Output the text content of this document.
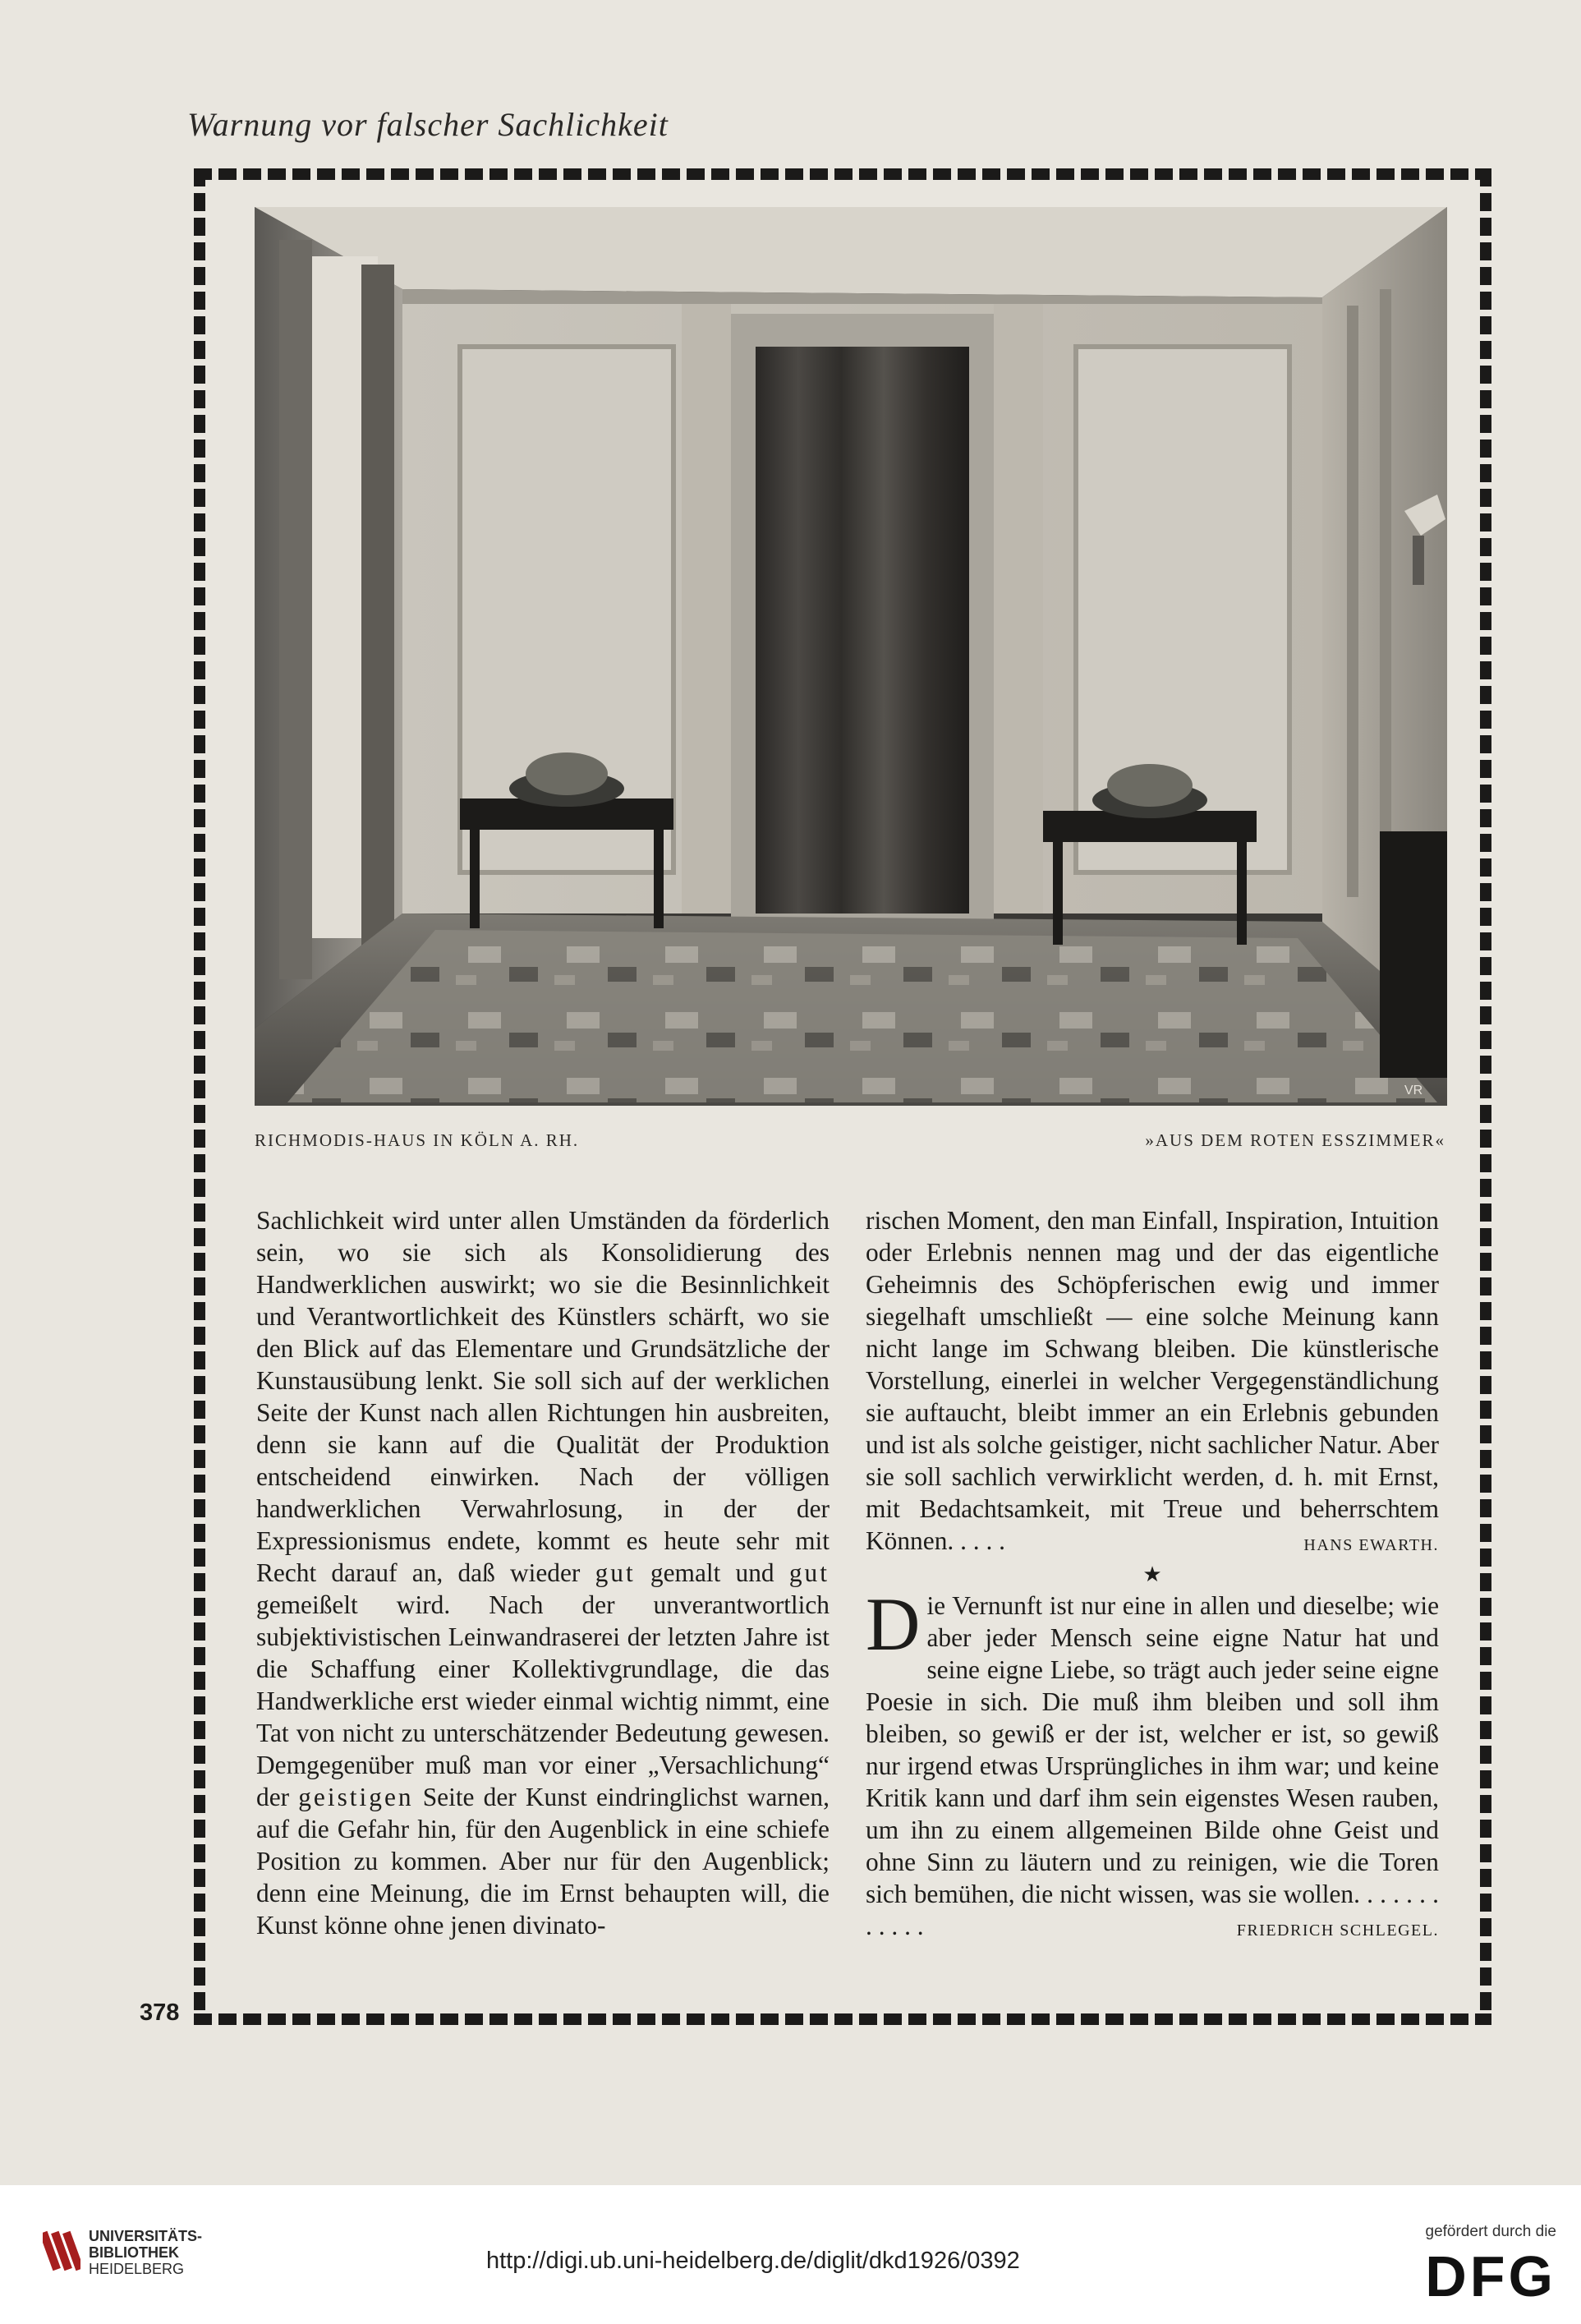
Warnung vor falscher Sachlichkeit
VR
RICHMODIS-HAUS IN KÖLN A. RH.	»AUS DEM ROTEN ESSZIMMER«

Sachlichkeit wird unter allen Umständen da förderlich sein, wo sie sich als Konsolidierung des Handwerklichen auswirkt; wo sie die Besinnlichkeit und Verantwortlichkeit des Künstlers schärft, wo sie den Blick auf das Elementare und Grundsätzliche der Kunstausübung lenkt. Sie soll sich auf der werklichen Seite der Kunst nach allen Richtungen hin ausbreiten, denn sie kann auf die Qualität der Produktion entscheidend einwirken. Nach der völligen handwerklichen Verwahrlosung, in der der Expressionismus endete, kommt es heute sehr mit Recht darauf an, daß wieder gut gemalt und gut gemeißelt wird. Nach der unverantwortlich subjektivistischen Leinwandraserei der letzten Jahre ist die Schaffung einer Kollektivgrundlage, die das Handwerkliche erst wieder einmal wichtig nimmt, eine Tat von nicht zu unterschätzender Bedeutung gewesen. Demgegenüber muß man vor einer „Versachlichung“ der geistigen Seite der Kunst eindringlichst warnen, auf die Gefahr hin, für den Augenblick in eine schiefe Position zu kommen. Aber nur für den Augenblick; denn eine Meinung, die im Ernst behaupten will, die Kunst könne ohne jenen divinato-

rischen Moment, den man Einfall, Inspiration, Intuition oder Erlebnis nennen mag und der das eigentliche Geheimnis des Schöpferischen ewig und immer siegelhaft umschließt — eine solche Meinung kann nicht lange im Schwang bleiben. Die künstlerische Vorstellung, einerlei in welcher Vergegenständlichung sie auftaucht, bleibt immer an ein Erlebnis gebunden und ist als solche geistiger, nicht sachlicher Natur. Aber sie soll sachlich verwirklicht werden, d. h. mit Ernst, mit Bedachtsamkeit, mit Treue und beherrschtem Können. . . . .	HANS EWARTH.

★

D ie Vernunft ist nur eine in allen und dieselbe; wie aber jeder Mensch seine eigne Natur hat und seine eigne Liebe, so trägt auch jeder seine eigne Poesie in sich. Die muß ihm bleiben und soll ihm bleiben, so gewiß er der ist, welcher er ist, so gewiß nur irgend etwas Ursprüngliches in ihm war; und keine Kritik kann und darf ihm sein eigenstes Wesen rauben, um ihn zu einem allgemeinen Bilde ohne Geist und ohne Sinn zu läutern und zu reinigen, wie die Toren sich bemühen, die nicht wissen, was sie wollen. . . . . . . . . . . .	FRIEDRICH SCHLEGEL.

378
UNIVERSITÄTS-
BIBLIOTHEK
HEIDELBERG	http://digi.ub.uni-heidelberg.de/diglit/dkd1926/0392
gefördert durch die
DFG
